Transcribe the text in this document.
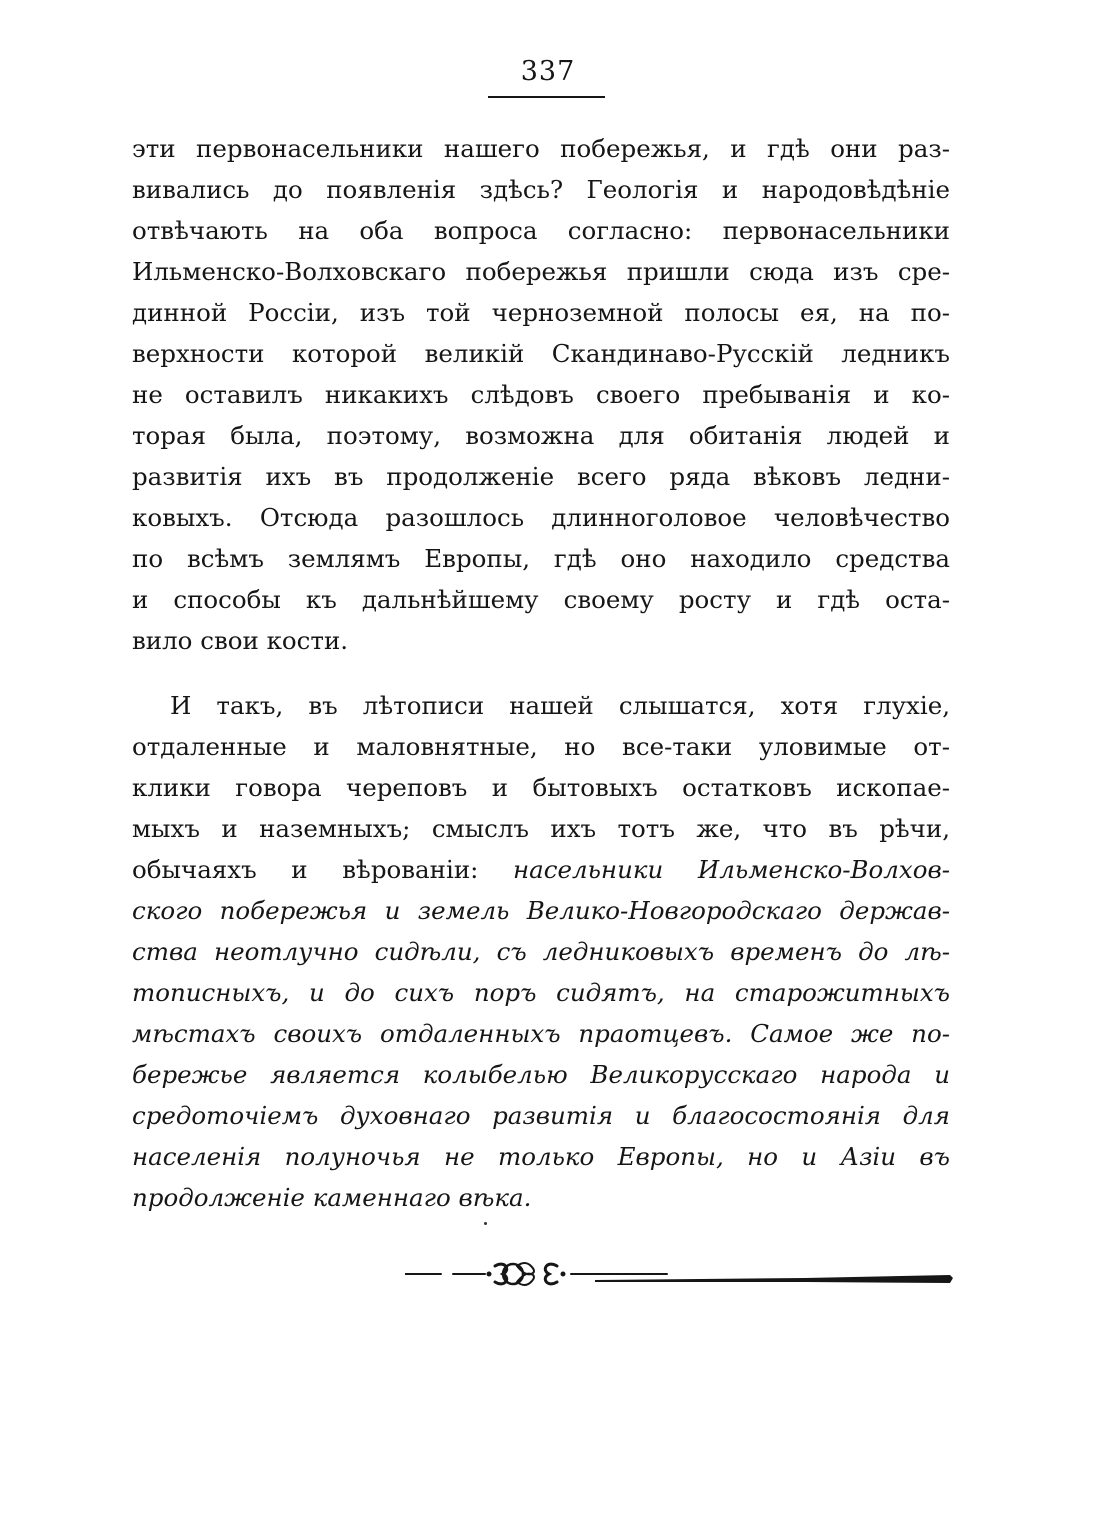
337
эти первонасельники нашего побережья, и гдѣ они раз-
вивались до появленія здѣсь? Геологія и народовѣдѣніе
отвѣчають на оба вопроса согласно: первонасельники
Ильменско-Волховскаго побережья пришли сюда изъ сре-
динной Россіи, изъ той черноземной полосы ея, на по-
верхности которой великій Скандинаво-Русскій ледникъ
не оставилъ никакихъ слѣдовъ своего пребыванія и ко-
торая была, поэтому, возможна для обитанія людей и
развитія ихъ въ продолженіе всего ряда вѣковъ ледни-
ковыхъ. Отсюда разошлось длинноголовое человѣчество
по всѣмъ землямъ Европы, гдѣ оно находило средства
и способы къ дальнѣйшему своему росту и гдѣ оста-
вило свои кости.
И такъ, въ лѣтописи нашей слышатся, хотя глухіе,
отдаленные и маловнятные, но все-таки уловимые от-
клики говора череповъ и бытовыхъ остатковъ ископае-
мыхъ и наземныхъ; смыслъ ихъ тотъ же, что въ рѣчи,
обычаяхъ и вѣрованіи: насельники Ильменско-Волхов-
ского побережья и земель Велико-Новгородскаго держав-
ства неотлучно сидѣли, съ ледниковыхъ временъ до лѣ-
тописныхъ, и до сихъ поръ сидятъ, на старожитныхъ
мѣстахъ своихъ отдаленныхъ праотцевъ. Самое же по-
бережье является колыбелью Великорусскаго народа и
средоточіемъ духовнаго развитія и благосостоянія для
населенія полуночья не только Европы, но и Азіи въ
продолженіе каменнаго вѣка.
